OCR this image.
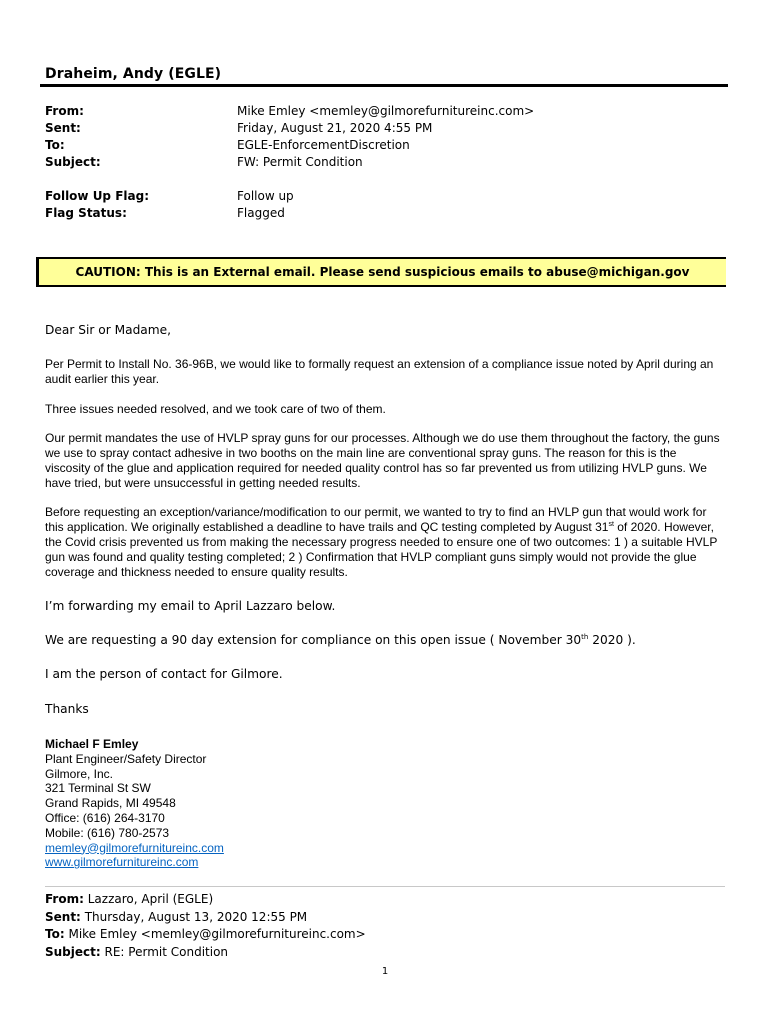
Draheim, Andy (EGLE)
From:	Mike Emley <memley@gilmorefurnitureinc.com>
Sent:	Friday, August 21, 2020 4:55 PM
To:	EGLE-EnforcementDiscretion
Subject:	FW: Permit Condition
Follow Up Flag:	Follow up
Flag Status:	Flagged
CAUTION: This is an External email. Please send suspicious emails to abuse@michigan.gov
Dear Sir or Madame,
Per Permit to Install No. 36-96B, we would like to formally request an extension of a compliance issue noted by April during an audit earlier this year.
Three issues needed resolved, and we took care of two of them.
Our permit mandates the use of HVLP spray guns for our processes. Although we do use them throughout the factory, the guns we use to spray contact adhesive in two booths on the main line are conventional spray guns. The reason for this is the viscosity of the glue and application required for needed quality control has so far prevented us from utilizing HVLP guns. We have tried, but were unsuccessful in getting needed results.
Before requesting an exception/variance/modification to our permit, we wanted to try to find an HVLP gun that would work for this application. We originally established a deadline to have trails and QC testing completed by August 31st of 2020. However, the Covid crisis prevented us from making the necessary progress needed to ensure one of two outcomes: 1 ) a suitable HVLP gun was found and quality testing completed; 2 ) Confirmation that HVLP compliant guns simply would not provide the glue coverage and thickness needed to ensure quality results.
I’m forwarding my email to April Lazzaro below.
We are requesting a 90 day extension for compliance on this open issue ( November 30th 2020 ).
I am the person of contact for Gilmore.
Thanks
Michael F Emley
Plant Engineer/Safety Director
Gilmore, Inc.
321 Terminal St SW
Grand Rapids, MI 49548
Office: (616) 264-3170
Mobile: (616) 780-2573
memley@gilmorefurnitureinc.com
www.gilmorefurnitureinc.com
From: Lazzaro, April (EGLE)
Sent: Thursday, August 13, 2020 12:55 PM
To: Mike Emley <memley@gilmorefurnitureinc.com>
Subject: RE: Permit Condition
1
